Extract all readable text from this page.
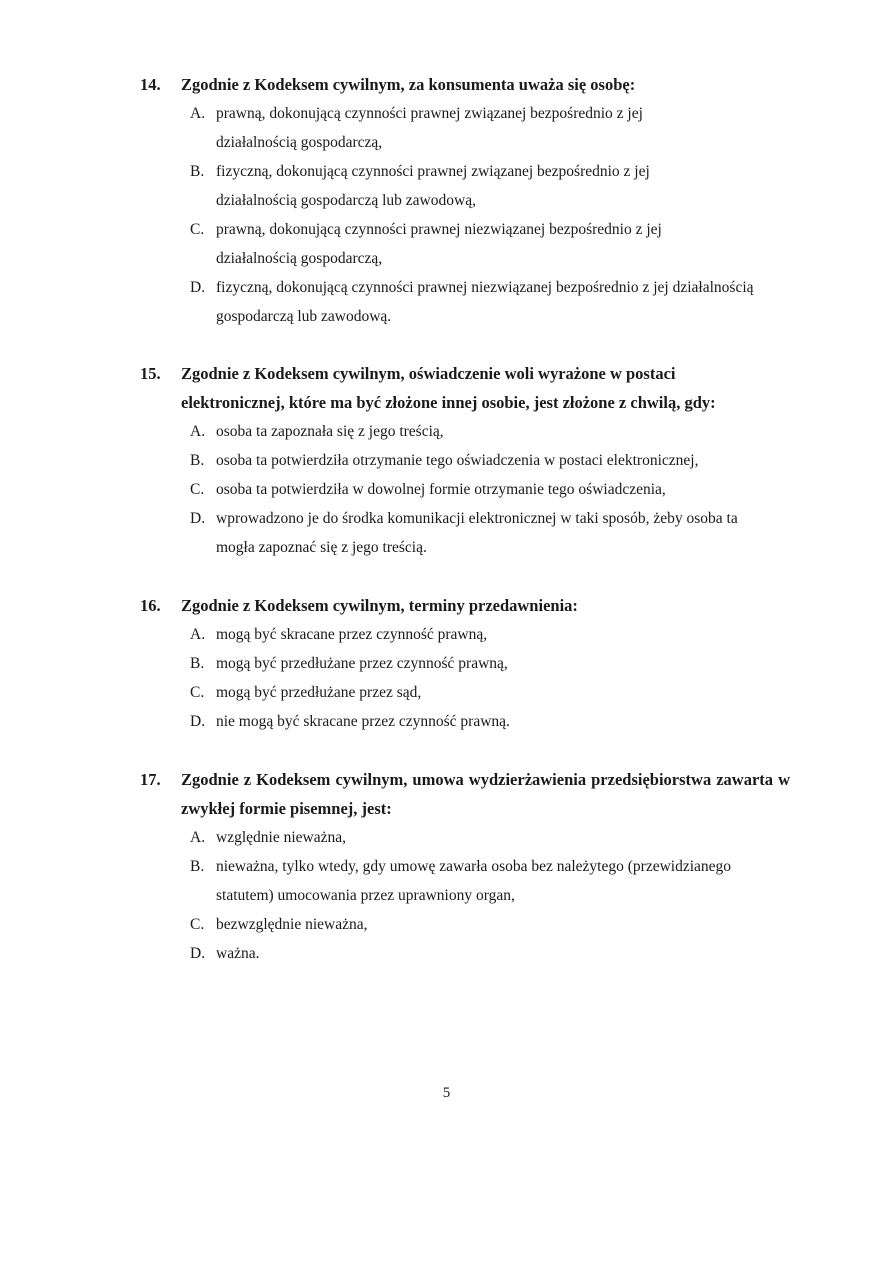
14.	Zgodnie z Kodeksem cywilnym, za konsumenta uważa się osobę:
A. prawną, dokonującą czynności prawnej związanej bezpośrednio z jej działalnością gospodarczą,
B. fizyczną, dokonującą czynności prawnej związanej bezpośrednio z jej działalnością gospodarczą lub zawodową,
C. prawną, dokonującą czynności prawnej niezwiązanej bezpośrednio z jej działalnością gospodarczą,
D. fizyczną, dokonującą czynności prawnej niezwiązanej bezpośrednio z jej działalnością gospodarczą lub zawodową.
15.	Zgodnie z Kodeksem cywilnym, oświadczenie woli wyrażone w postaci elektronicznej, które ma być złożone innej osobie, jest złożone z chwilą, gdy:
A. osoba ta zapoznała się z jego treścią,
B. osoba ta potwierdziła otrzymanie tego oświadczenia w postaci elektronicznej,
C. osoba ta potwierdziła w dowolnej formie otrzymanie tego oświadczenia,
D. wprowadzono je do środka komunikacji elektronicznej w taki sposób, żeby osoba ta mogła zapoznać się z jego treścią.
16.	Zgodnie z Kodeksem cywilnym, terminy przedawnienia:
A. mogą być skracane przez czynność prawną,
B. mogą być przedłużane przez czynność prawną,
C. mogą być przedłużane przez sąd,
D. nie mogą być skracane przez czynność prawną.
17.	Zgodnie z Kodeksem cywilnym, umowa wydzierżawienia przedsiębiorstwa zawarta w zwykłej formie pisemnej, jest:
A. względnie nieważna,
B. nieważna, tylko wtedy, gdy umowę zawarła osoba bez należytego (przewidzianego statutem) umocowania przez uprawniony organ,
C. bezwzględnie nieważna,
D. ważna.
5
